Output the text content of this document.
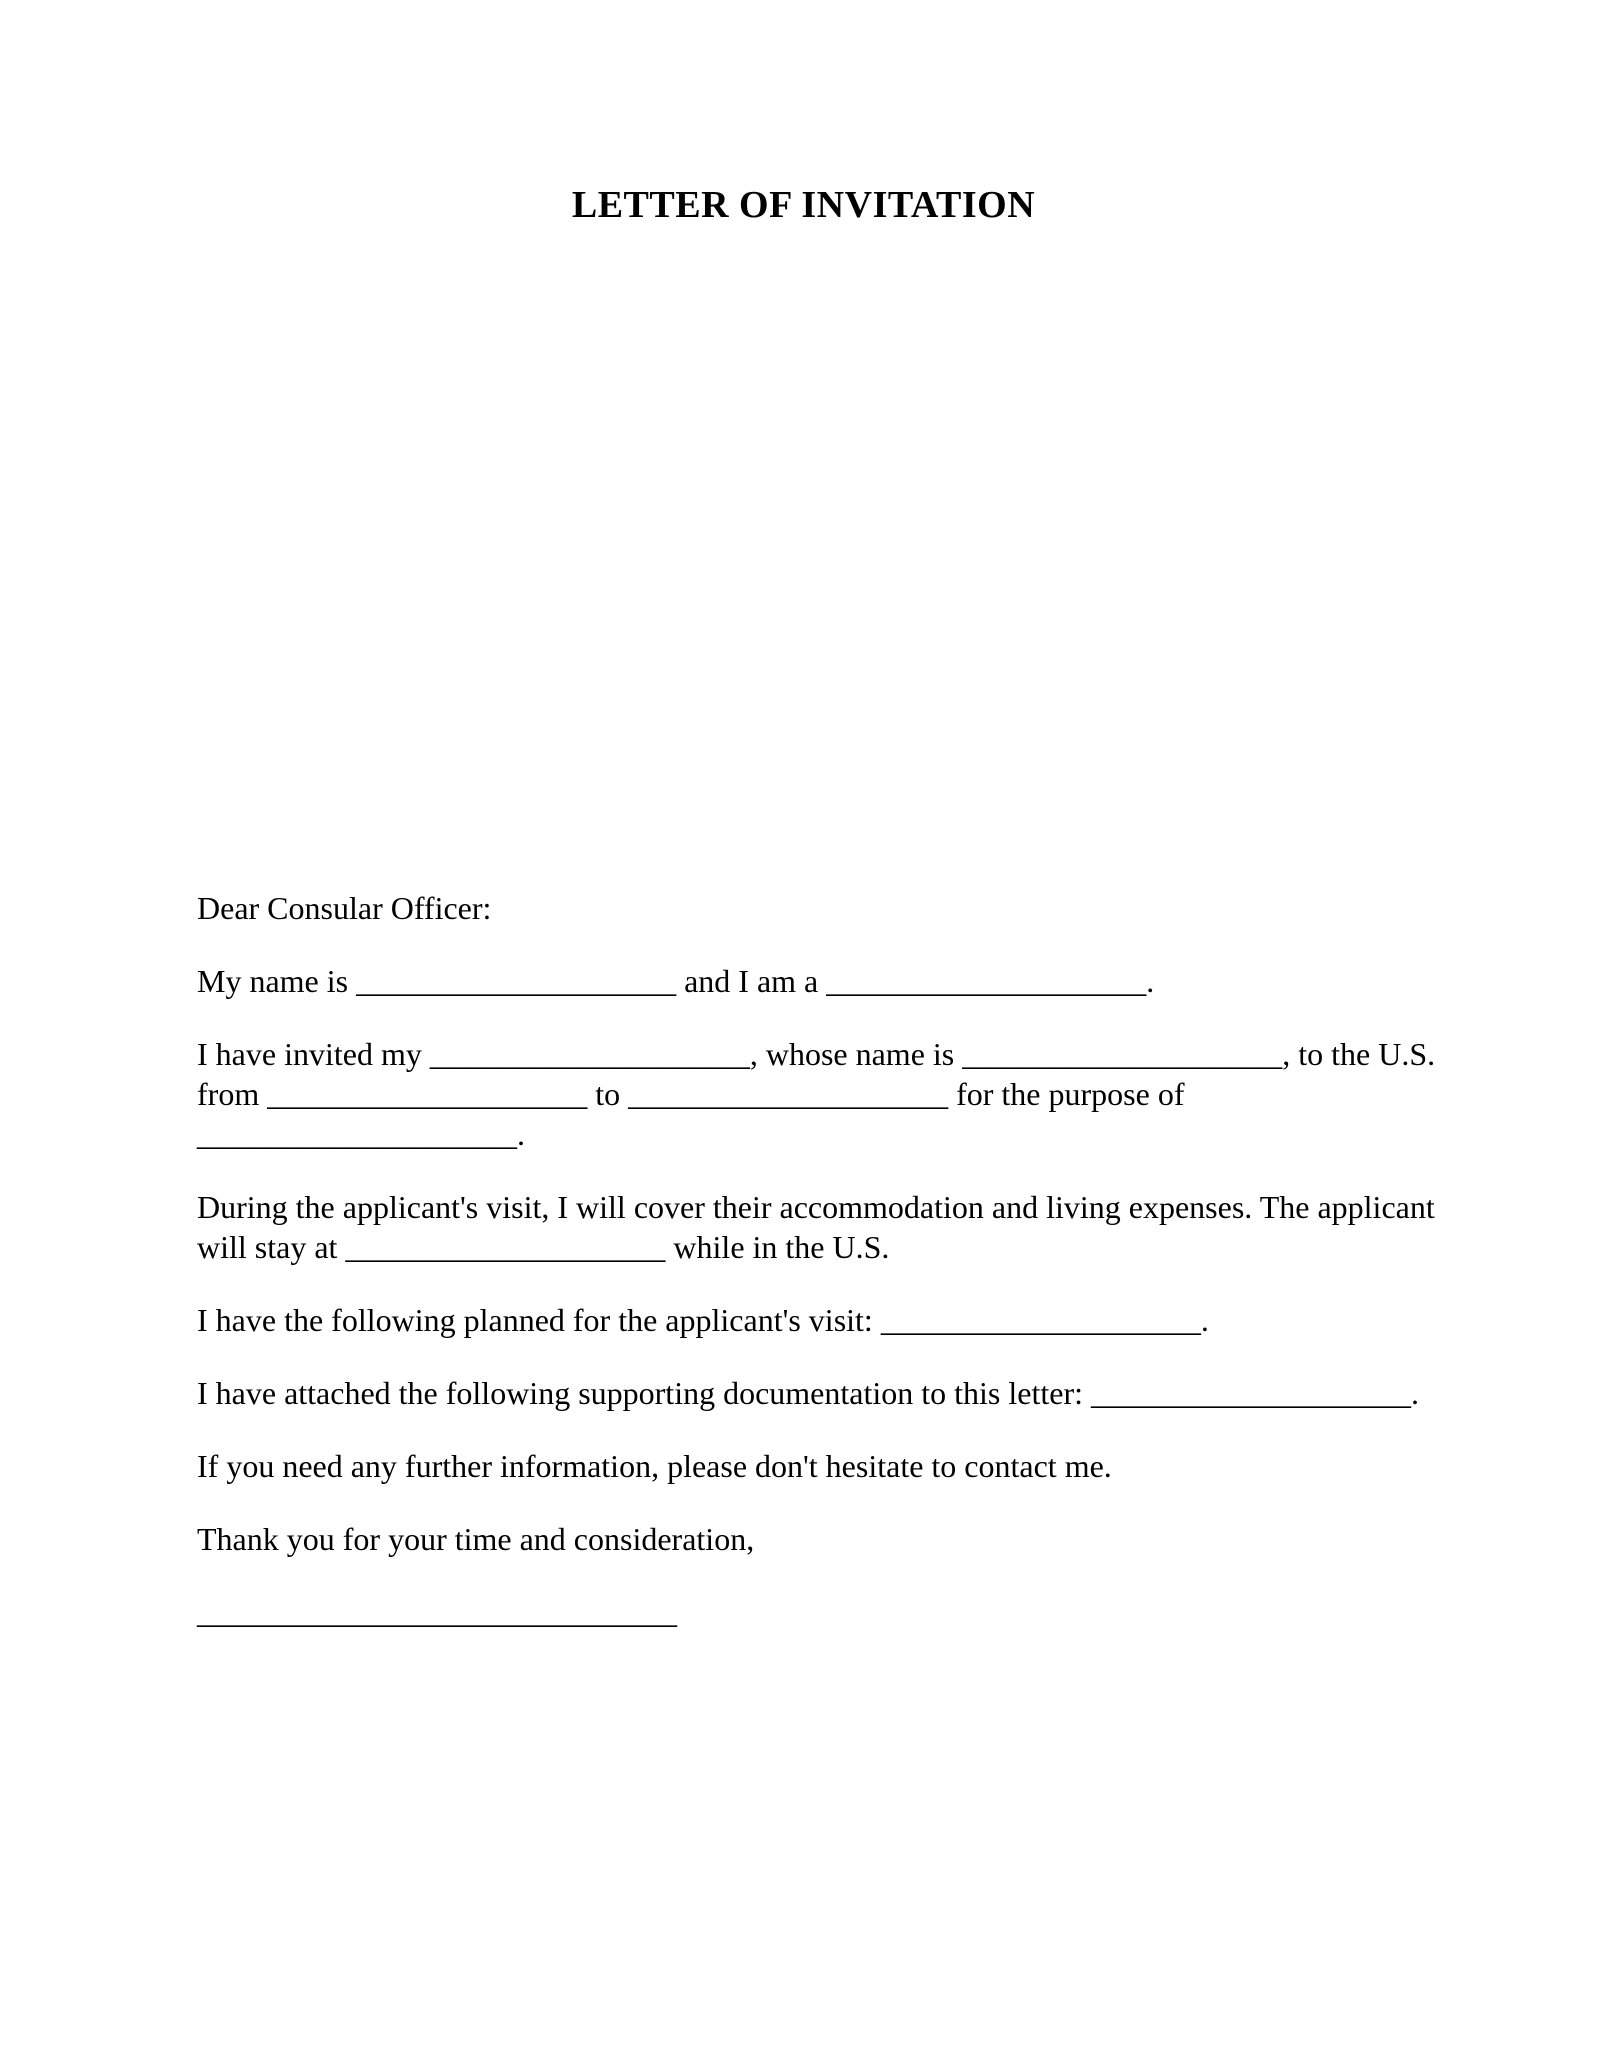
LETTER OF INVITATION

Dear Consular Officer:

My name is ____________________ and I am a ____________________.

I have invited my ____________________, whose name is ____________________, to the U.S.
from ____________________ to ____________________ for the purpose of
____________________.

During the applicant's visit, I will cover their accommodation and living expenses. The applicant
will stay at ____________________ while in the U.S.

I have the following planned for the applicant's visit: ____________________.

I have attached the following supporting documentation to this letter: ____________________.

If you need any further information, please don't hesitate to contact me.

Thank you for your time and consideration,

______________________________
